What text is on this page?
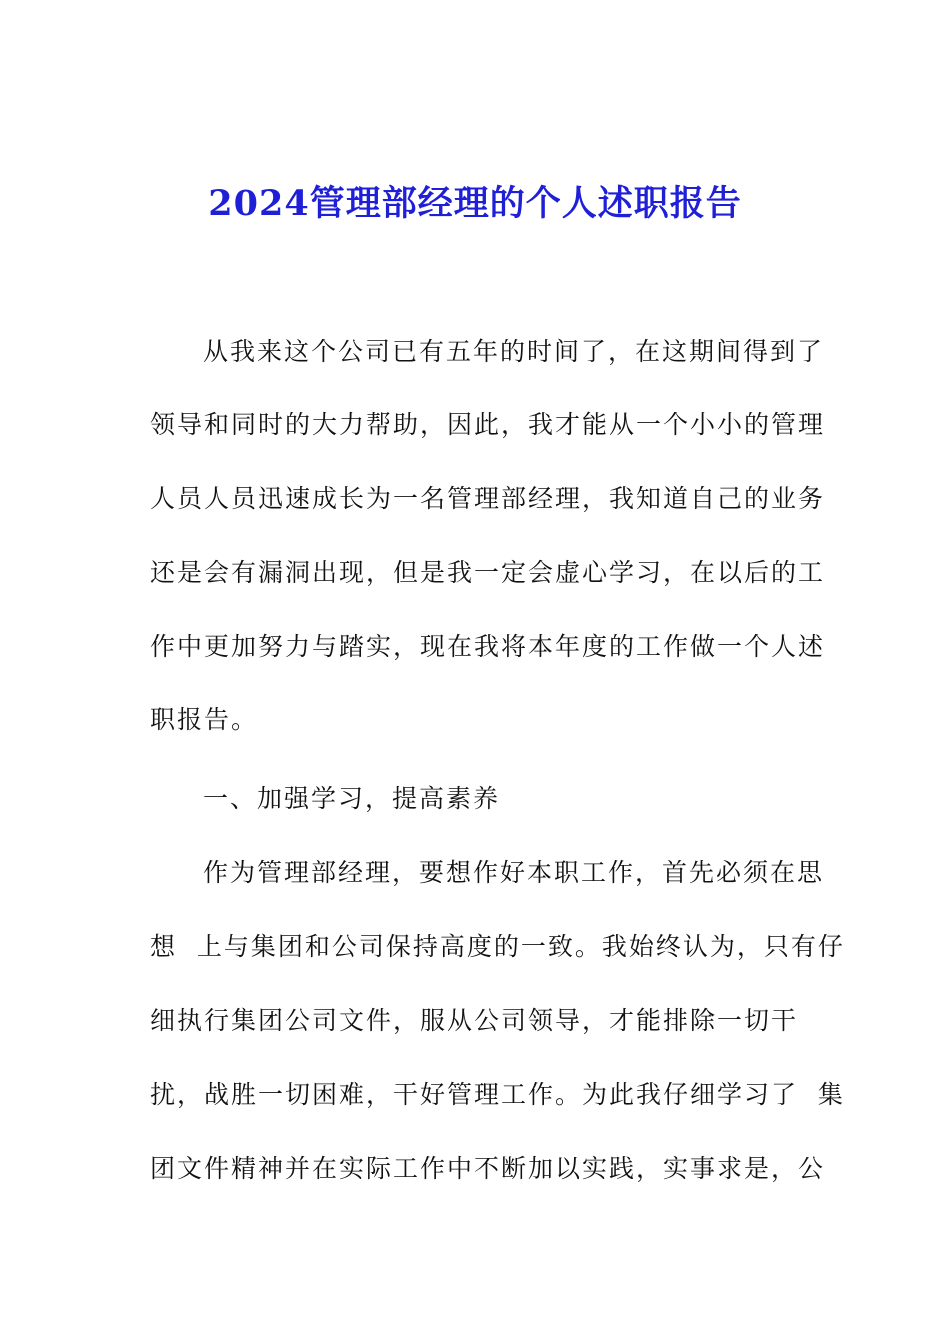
2024管理部经理的个人述职报告
从我来这个公司已有五年的时间了，在这期间得到了
领导和同时的大力帮助，因此，我才能从一个小小的管理
人员人员迅速成长为一名管理部经理，我知道自己的业务
还是会有漏洞出现，但是我一定会虚心学习，在以后的工
作中更加努力与踏实，现在我将本年度的工作做一个人述
职报告。
一、加强学习，提高素养
作为管理部经理，要想作好本职工作，首先必须在思
想  上与集团和公司保持高度的一致。我始终认为，只有仔
细执行集团公司文件，服从公司领导，才能排除一切干
扰，战胜一切困难，干好管理工作。为此我仔细学习了  集
团文件精神并在实际工作中不断加以实践，实事求是，公
